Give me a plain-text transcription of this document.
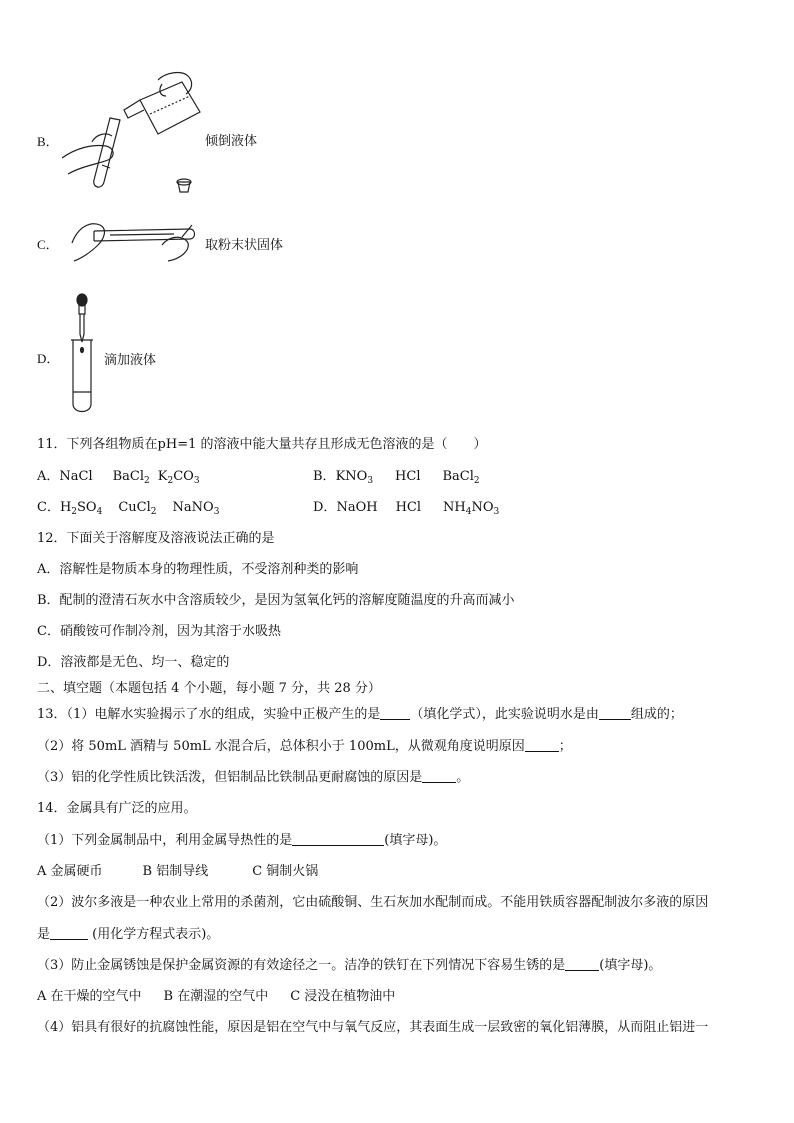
B．	倾倒液体
C．	取粉末状固体
D．	滴加液体
11．下列各组物质在pH=1 的溶液中能大量共存且形成无色溶液的是（　　）
A．NaCl BaCl$_2$ $K_2CO_3$	B．$KNO_3$ HCl BaCl$_2$
C．$H_2SO_4$ CuCl$_2$ NaNO$_3$	D．NaOH HCl $NH_4NO_3$
12．下面关于溶解度及溶液说法正确的是
A．溶解性是物质本身的物理性质，不受溶剂种类的影响
B．配制的澄清石灰水中含溶质较少，是因为氢氧化钙的溶解度随温度的升高而减小
C．硝酸铵可作制冷剂，因为其溶于水吸热
D．溶液都是无色、均一、稳定的
二、填空题（本题包括 4 个小题，每小题 7 分，共 28 分）
13．（1）电解水实验揭示了水的组成，实验中正极产生的是 （填化学式），此实验说明水是由 组成的；
（2）将 50mL 酒精与 50mL 水混合后，总体积小于 100mL，从微观角度说明原因	；
（3）铝的化学性质比铁活泼，但铝制品比铁制品更耐腐蚀的原因是	。
14．金属具有广泛的应用。
（1）下列金属制品中，利用金属导热性的是	(填字母)。
A 金属硬币	B 铝制导线	C 铜制火锅
（2）波尔多液是一种农业上常用的杀菌剂，它由硫酸铜、生石灰加水配制而成。不能用铁质容器配制波尔多液的原因
是	(用化学方程式表示)。
（3）防止金属锈蚀是保护金属资源的有效途径之一。洁净的铁钉在下列情况下容易生锈的是	(填字母)。
A 在干燥的空气中 B 在潮湿的空气中 C 浸没在植物油中
（4）铝具有很好的抗腐蚀性能，原因是铝在空气中与氧气反应，其表面生成一层致密的氧化铝薄膜，从而阻止铝进一
